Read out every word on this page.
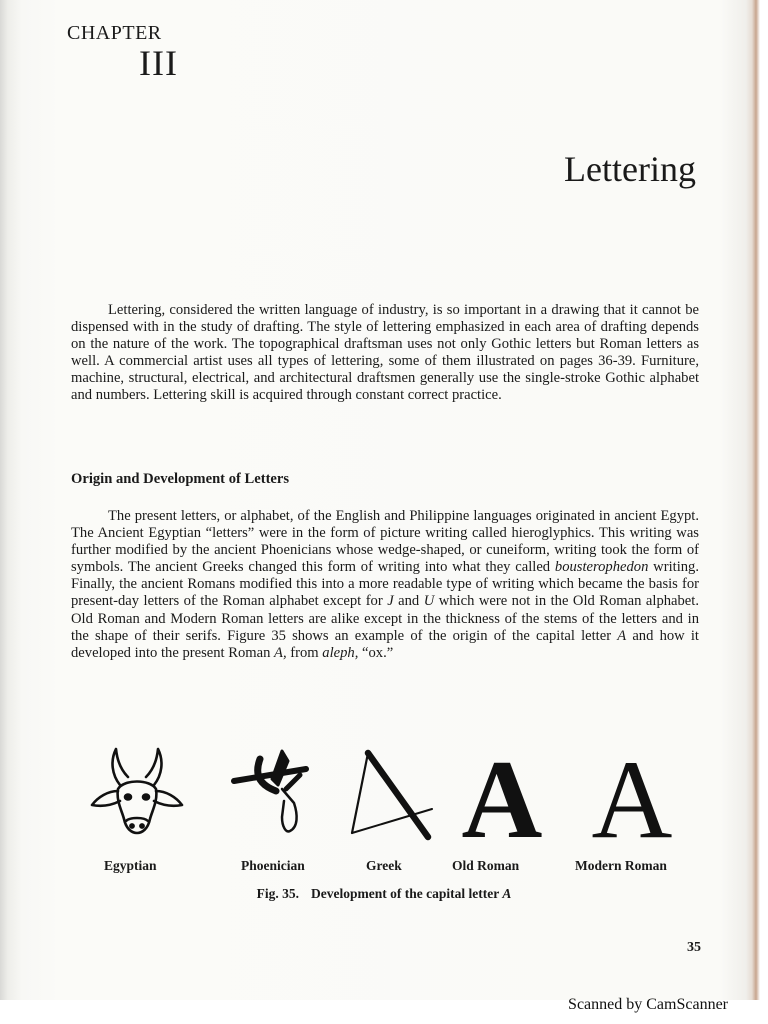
CHAPTER
III
Lettering
Lettering, considered the written language of industry, is so important in a drawing that it cannot be dispensed with in the study of drafting. The style of lettering emphasized in each area of drafting depends on the nature of the work. The topographical draftsman uses not only Gothic letters but Roman letters as well. A commercial artist uses all types of lettering, some of them illustrated on pages 36-39. Furniture, machine, structural, electrical, and architectural draftsmen generally use the single-stroke Gothic alphabet and numbers. Lettering skill is acquired through constant correct practice.
Origin and Development of Letters
The present letters, or alphabet, of the English and Philippine languages originated in ancient Egypt. The Ancient Egyptian “letters” were in the form of picture writing called hieroglyphics. This writing was further modified by the ancient Phoenicians whose wedge-shaped, or cuneiform, writing took the form of symbols. The ancient Greeks changed this form of writing into what they called bousterophedon writing. Finally, the ancient Romans modified this into a more readable type of writing which became the basis for present-day letters of the Roman alphabet except for J and U which were not in the Old Roman alphabet. Old Roman and Modern Roman letters are alike except in the thickness of the stems of the letters and in the shape of their serifs. Figure 35 shows an example of the origin of the capital letter A and how it developed into the present Roman A, from aleph, “ox.”
A A
Egyptian	Phoenician	Greek	Old Roman	Modern Roman
Fig. 35. Development of the capital letter A
35
Scanned by CamScanner
